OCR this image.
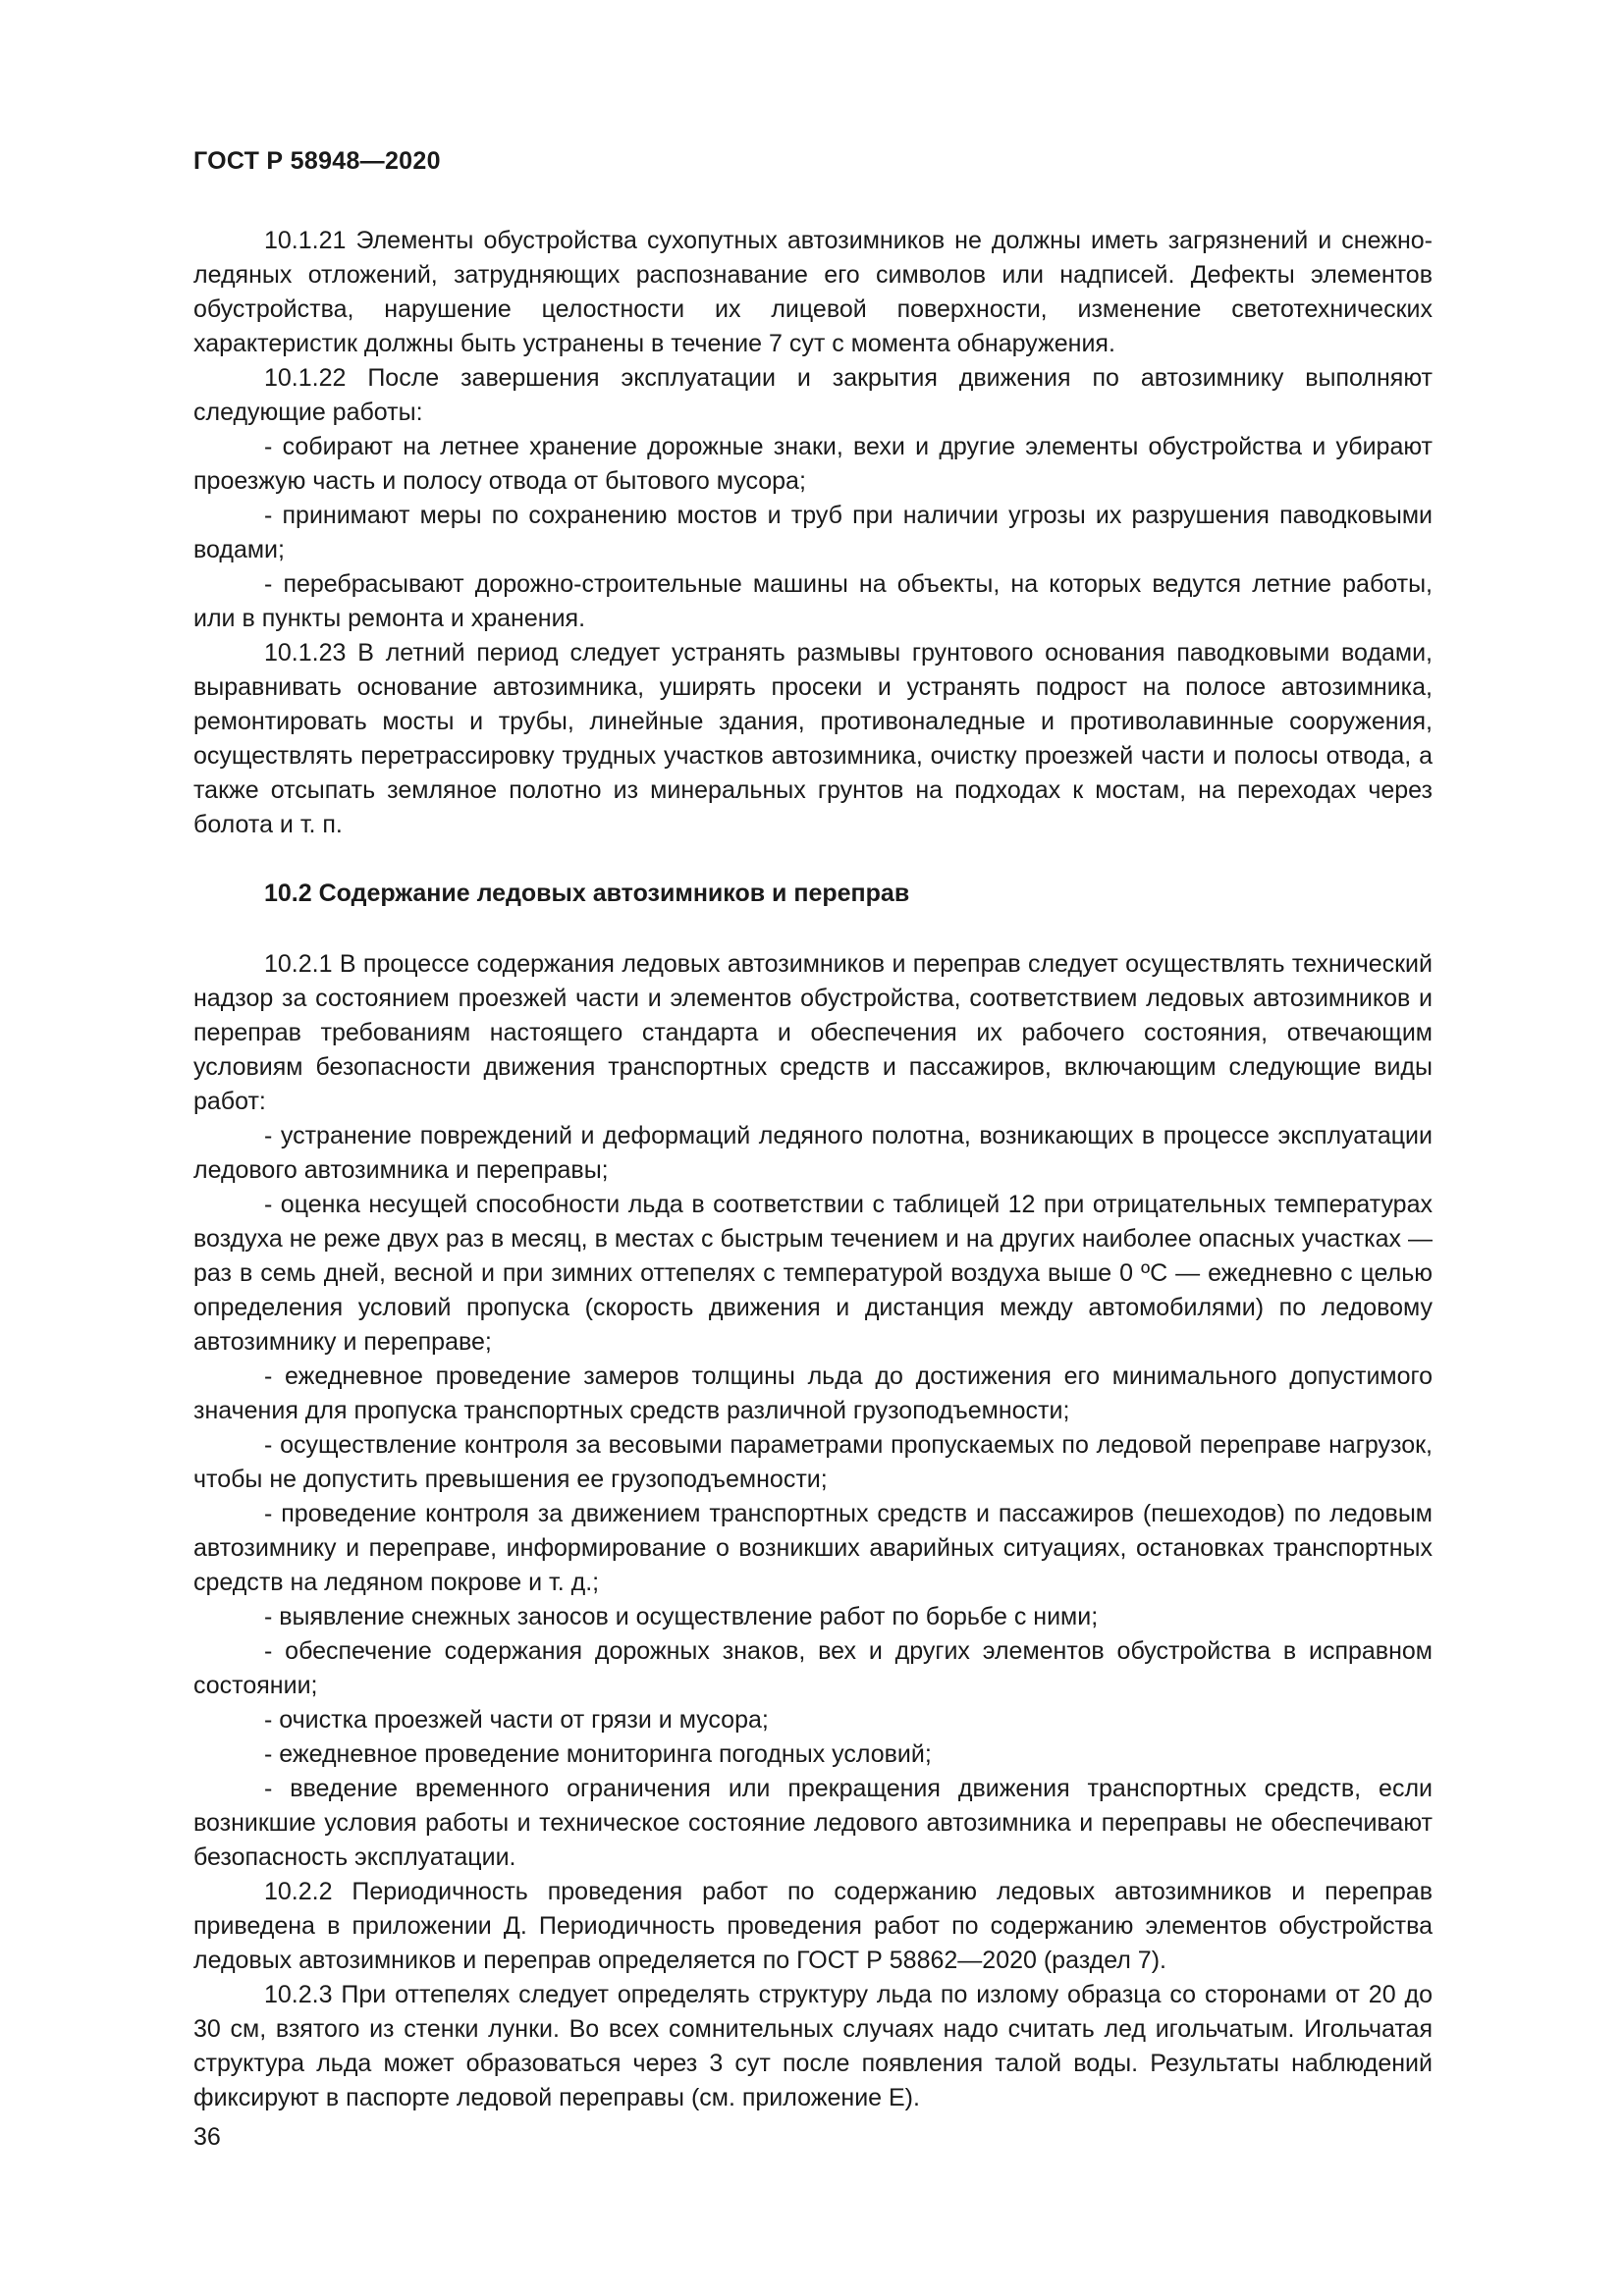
ГОСТ Р 58948—2020

10.1.21 Элементы обустройства сухопутных автозимников не должны иметь загрязнений и снежно-ледяных отложений, затрудняющих распознавание его символов или надписей. Дефекты элементов обустройства, нарушение целостности их лицевой поверхности, изменение светотехнических характеристик должны быть устранены в течение 7 сут с момента обнаружения.

10.1.22 После завершения эксплуатации и закрытия движения по автозимнику выполняют следующие работы:

- собирают на летнее хранение дорожные знаки, вехи и другие элементы обустройства и убирают проезжую часть и полосу отвода от бытового мусора;

- принимают меры по сохранению мостов и труб при наличии угрозы их разрушения паводковыми водами;

- перебрасывают дорожно-строительные машины на объекты, на которых ведутся летние работы, или в пункты ремонта и хранения.

10.1.23 В летний период следует устранять размывы грунтового основания паводковыми водами, выравнивать основание автозимника, уширять просеки и устранять подрост на полосе автозимника, ремонтировать мосты и трубы, линейные здания, противоналедные и противолавинные сооружения, осуществлять перетрассировку трудных участков автозимника, очистку проезжей части и полосы отвода, а также отсыпать земляное полотно из минеральных грунтов на подходах к мостам, на переходах через болота и т. п.

10.2 Содержание ледовых автозимников и переправ

10.2.1 В процессе содержания ледовых автозимников и переправ следует осуществлять технический надзор за состоянием проезжей части и элементов обустройства, соответствием ледовых автозимников и переправ требованиям настоящего стандарта и обеспечения их рабочего состояния, отвечающим условиям безопасности движения транспортных средств и пассажиров, включающим следующие виды работ:

- устранение повреждений и деформаций ледяного полотна, возникающих в процессе эксплуатации ледового автозимника и переправы;

- оценка несущей способности льда в соответствии с таблицей 12 при отрицательных температурах воздуха не реже двух раз в месяц, в местах с быстрым течением и на других наиболее опасных участках — раз в семь дней, весной и при зимних оттепелях с температурой воздуха выше 0 ºС — ежедневно с целью определения условий пропуска (скорость движения и дистанция между автомобилями) по ледовому автозимнику и переправе;

- ежедневное проведение замеров толщины льда до достижения его минимального допустимого значения для пропуска транспортных средств различной грузоподъемности;

- осуществление контроля за весовыми параметрами пропускаемых по ледовой переправе нагрузок, чтобы не допустить превышения ее грузоподъемности;

- проведение контроля за движением транспортных средств и пассажиров (пешеходов) по ледовым автозимнику и переправе, информирование о возникших аварийных ситуациях, остановках транспортных средств на ледяном покрове и т. д.;

- выявление снежных заносов и осуществление работ по борьбе с ними;

- обеспечение содержания дорожных знаков, вех и других элементов обустройства в исправном состоянии;

- очистка проезжей части от грязи и мусора;

- ежедневное проведение мониторинга погодных условий;

- введение временного ограничения или прекращения движения транспортных средств, если возникшие условия работы и техническое состояние ледового автозимника и переправы не обеспечивают безопасность эксплуатации.

10.2.2 Периодичность проведения работ по содержанию ледовых автозимников и переправ приведена в приложении Д. Периодичность проведения работ по содержанию элементов обустройства ледовых автозимников и переправ определяется по ГОСТ Р 58862—2020 (раздел 7).

10.2.3 При оттепелях следует определять структуру льда по излому образца со сторонами от 20 до 30 см, взятого из стенки лунки. Во всех сомнительных случаях надо считать лед игольчатым. Игольчатая структура льда может образоваться через 3 сут после появления талой воды. Результаты наблюдений фиксируют в паспорте ледовой переправы (см. приложение Е).

36
